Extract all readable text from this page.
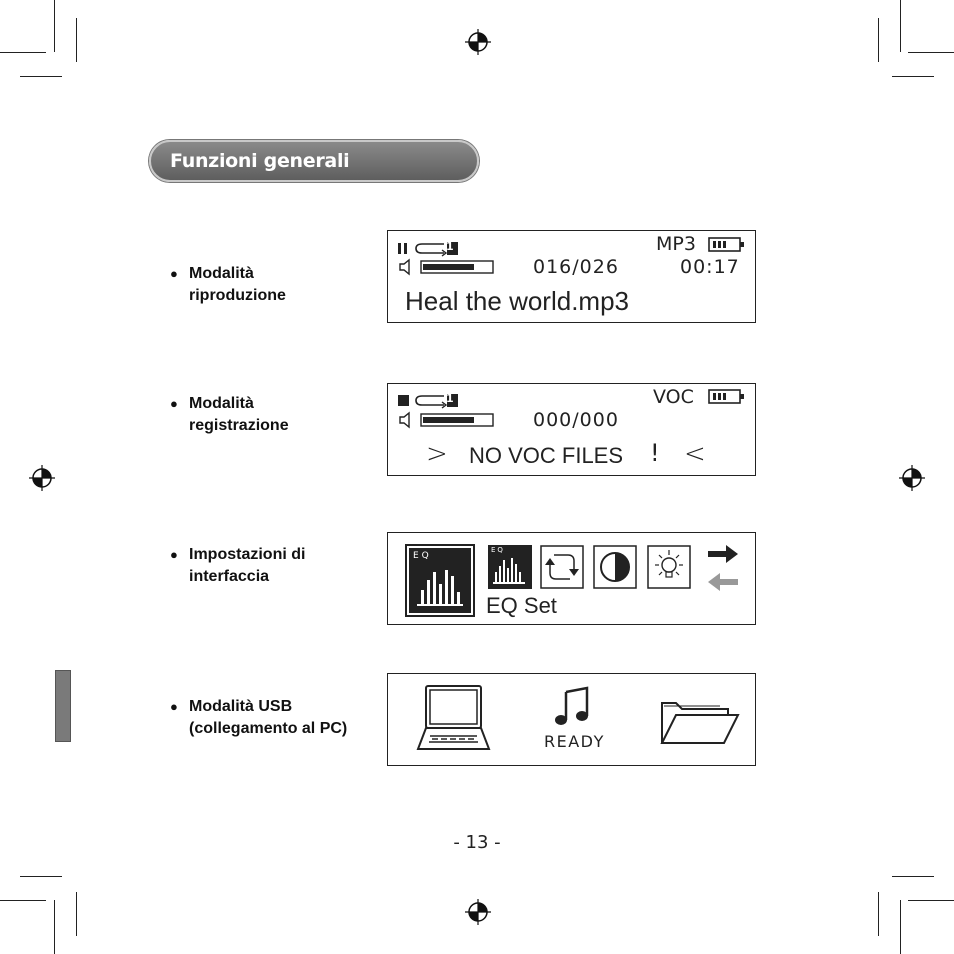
Funzioni generali
● Modalità
riproduzione
● Modalità
registrazione
● Impostazioni di
interfaccia
● Modalità USB
(collegamento al PC)
1	MP3
016/026	00:17
Heal the world.mp3
1	VOC
000/000
> NO VOC FILES ! <
EQ
EQ
EQ Set
READY
- 13 -
